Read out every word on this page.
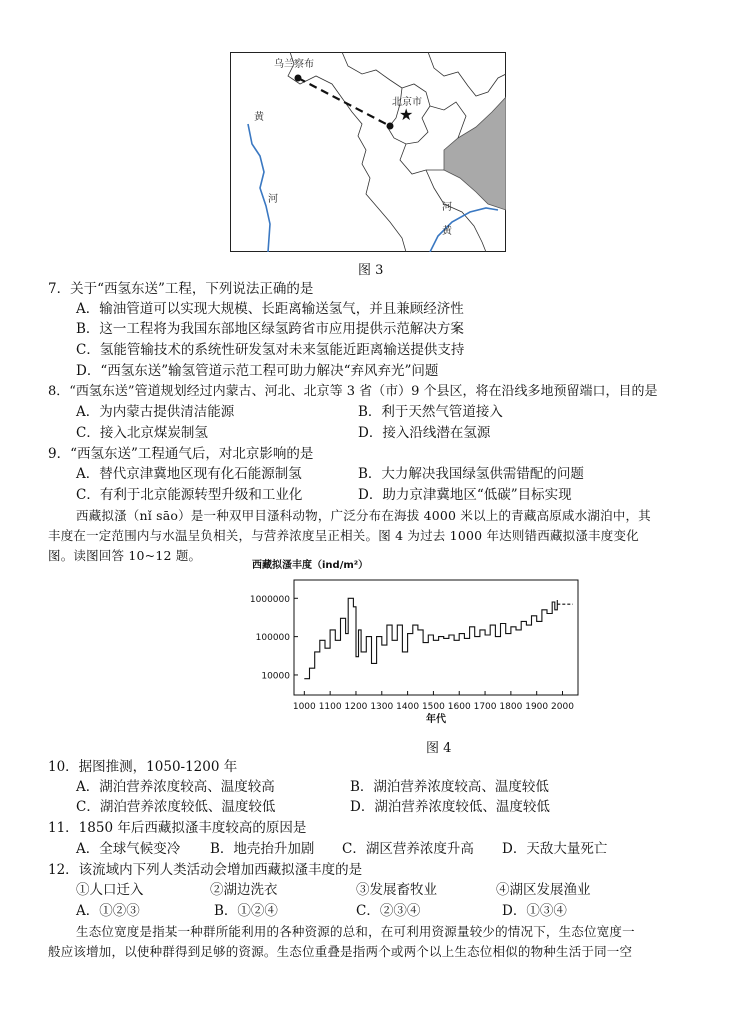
★
乌兰察布
北京市
黄
河
河
黄
图 3
7．关于“西氢东送”工程，下列说法正确的是
A．输油管道可以实现大规模、长距离输送氢气，并且兼顾经济性
B．这一工程将为我国东部地区绿氢跨省市应用提供示范解决方案
C．氢能管输技术的系统性研发氢对未来氢能近距离输送提供支持
D．“西氢东送”输氢管道示范工程可助力解决“弃风弃光”问题
8．“西氢东送”管道规划经过内蒙古、河北、北京等 3 省（市）9 个县区，将在沿线多地预留端口，目的是
A．为内蒙古提供清洁能源	B．利于天然气管道接入
C．接入北京煤炭制氢	D．接入沿线潜在氢源
9．“西氢东送”工程通气后，对北京影响的是
A．替代京津冀地区现有化石能源制氢	B．大力解决我国绿氢供需错配的问题
C．有利于北京能源转型升级和工业化	D．助力京津冀地区“低碳”目标实现
西藏拟溞（nǐ sāo）是一种双甲目溞科动物，广泛分布在海拔 4000 米以上的青藏高原咸水湖泊中，其
丰度在一定范围内与水温呈负相关，与营养浓度呈正相关。图 4 为过去 1000 年达则错西藏拟溞丰度变化
图。读图回答 10~12 题。
西藏拟溞丰度（ind/m²）
10000
100000
1000000
1000 1100 1200 1300 1400 1500 1600 1700 1800 1900 2000
年代
图 4
10．据图推测，1050-1200 年
A．湖泊营养浓度较高、温度较高	B．湖泊营养浓度较高、温度较低
C．湖泊营养浓度较低、温度较低	D．湖泊营养浓度较低、温度较低
11．1850 年后西藏拟溞丰度较高的原因是
A．全球气候变冷 B．地壳抬升加剧 C．湖区营养浓度升高 D．天敌大量死亡
12．该流域内下列人类活动会增加西藏拟溞丰度的是
①人口迁入	②湖边洗衣	③发展畜牧业	④湖区发展渔业
A．①②③	B．①②④	C．②③④	D．①③④
生态位宽度是指某一种群所能利用的各种资源的总和，在可利用资源量较少的情况下，生态位宽度一
般应该增加，以使种群得到足够的资源。生态位重叠是指两个或两个以上生态位相似的物种生活于同一空
